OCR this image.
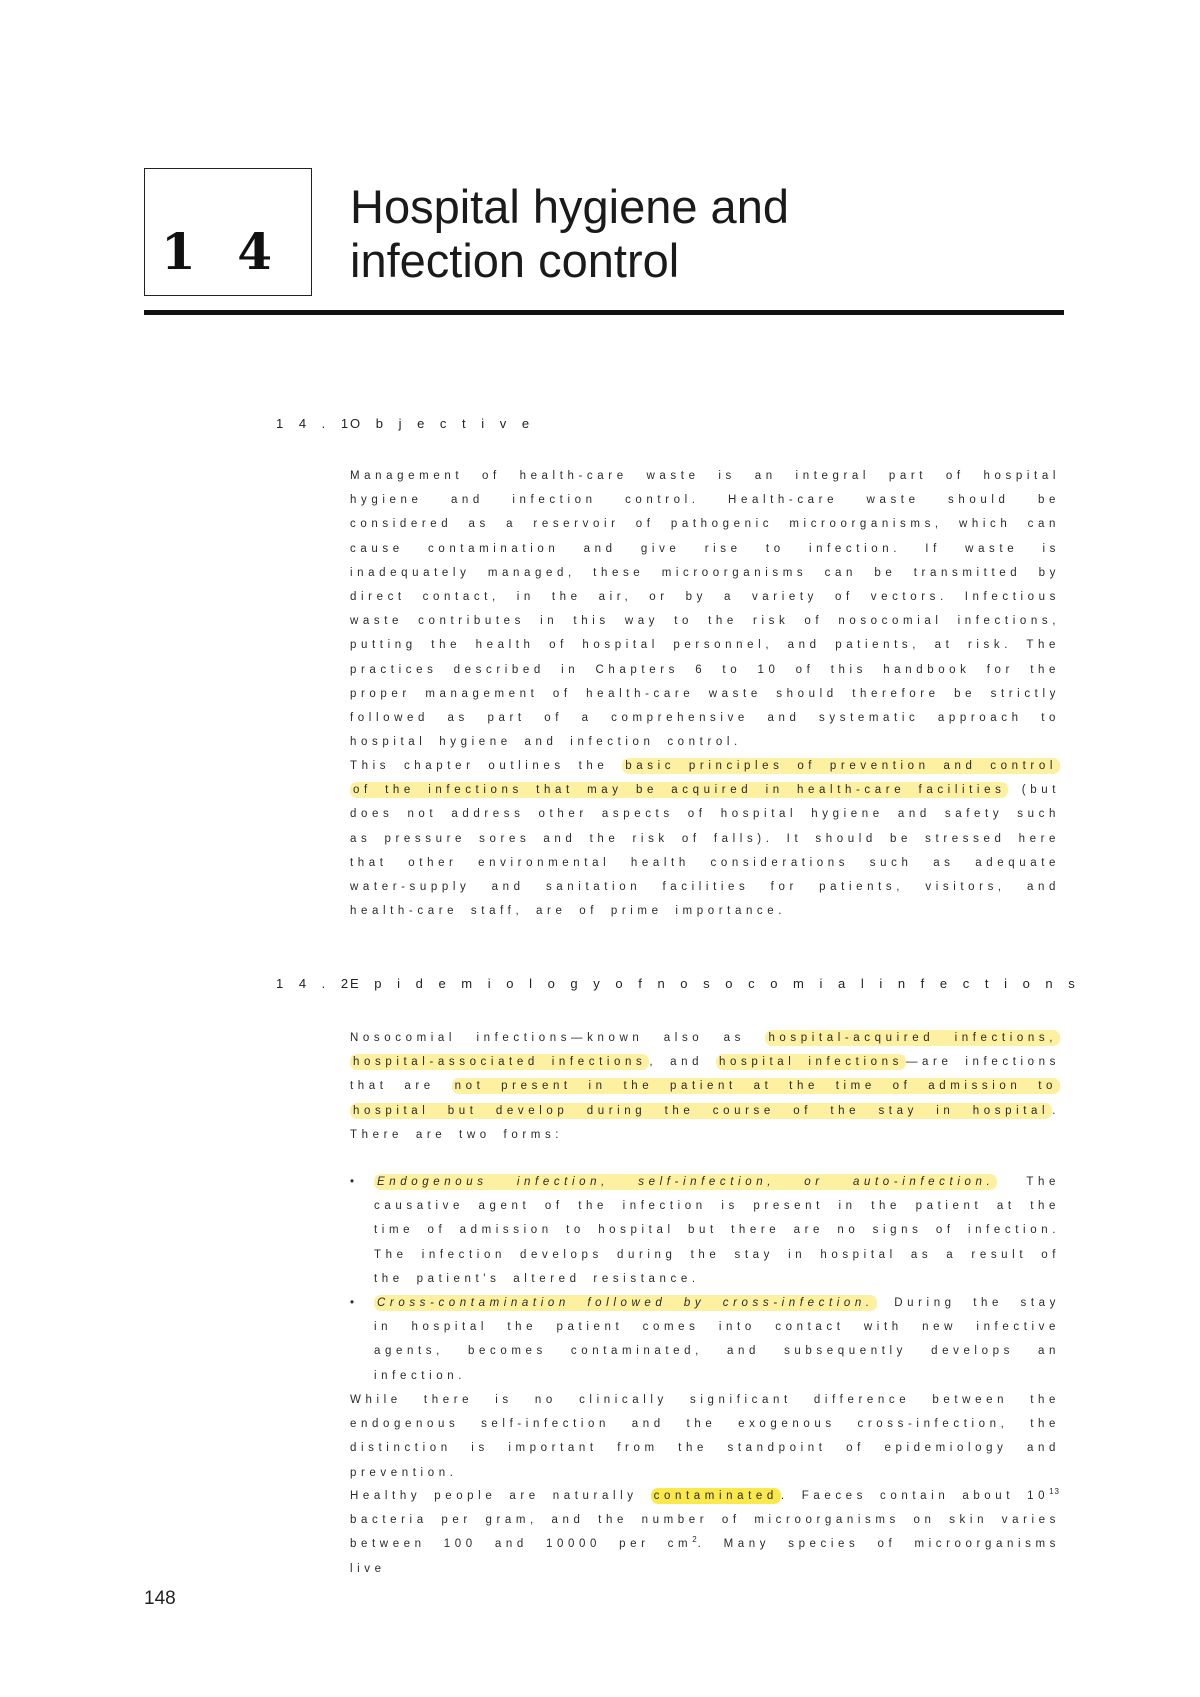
1 4
Hospital hygiene and
infection control
1 4 . 1
O b j e c t i v e

Management of health-care waste is an integral part of hospital hygiene and infection control. Health-care waste should be considered as a reservoir of pathogenic microorganisms, which can cause contamination and give rise to infection. If waste is inadequately managed, these microorganisms can be transmitted by direct contact, in the air, or by a variety of vectors. Infectious waste contributes in this way to the risk of nosocomial infections, putting the health of hospital personnel, and patients, at risk. The practices described in Chapters 6 to 10 of this handbook for the proper management of health-care waste should therefore be strictly followed as part of a comprehensive and systematic approach to hospital hygiene and infection control.

This chapter outlines the basic principles of prevention and control of the infections that may be acquired in health-care facilities (but does not address other aspects of hospital hygiene and safety such as pressure sores and the risk of falls). It should be stressed here that other environmental health considerations such as adequate water-supply and sanitation facilities for patients, visitors, and health-care staff, are of prime importance.

1 4 . 2
E p i d e m i o l o g y o f n o s o c o m i a l i n f e c t i o n s

Nosocomial infections—known also as hospital-acquired infections, hospital-associated infections , and hospital infections —are infections that are not present in the patient at the time of admission to hospital but develop during the course of the stay in hospital . There are two forms:

• Endogenous infection, self-infection, or auto-infection. The causative agent of the infection is present in the patient at the time of admission to hospital but there are no signs of infection. The infection develops during the stay in hospital as a result of the patient's altered resistance.
• Cross-contamination followed by cross-infection. During the stay in hospital the patient comes into contact with new infective agents, becomes contaminated, and subsequently develops an infection.

While there is no clinically significant difference between the endogenous self-infection and the exogenous cross-infection, the distinction is important from the standpoint of epidemiology and prevention.

Healthy people are naturally contaminated . Faeces contain about $10^{13}$ bacteria per gram, and the number of microorganisms on skin varies between 100 and 10000 per $cm^2$. Many species of microorganisms live

148
